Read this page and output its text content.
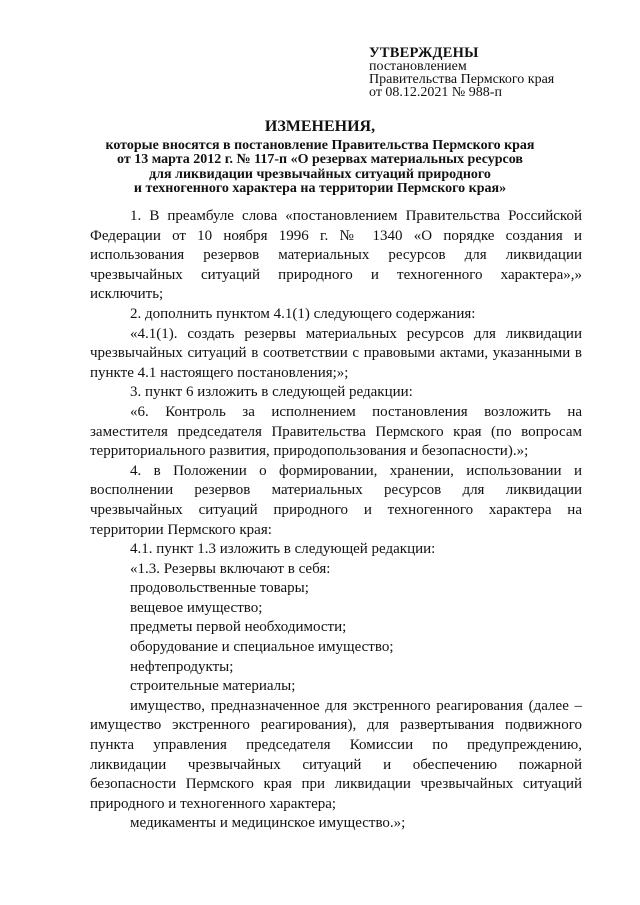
УТВЕРЖДЕНЫ
постановлением
Правительства Пермского края
от 08.12.2021 № 988-п
ИЗМЕНЕНИЯ,
которые вносятся в постановление Правительства Пермского края
от 13 марта 2012 г. № 117-п «О резервах материальных ресурсов
для ликвидации чрезвычайных ситуаций природного
и техногенного характера на территории Пермского края»

1. В преамбуле слова «постановлением Правительства Российской Федерации от 10 ноября 1996 г. № 1340 «О порядке создания и использования резервов материальных ресурсов для ликвидации чрезвычайных ситуаций природного и техногенного характера»,» исключить;

2. дополнить пунктом 4.1(1) следующего содержания:

«4.1(1). создать резервы материальных ресурсов для ликвидации чрезвычайных ситуаций в соответствии с правовыми актами, указанными в пункте 4.1 настоящего постановления;»;

3. пункт 6 изложить в следующей редакции:

«6. Контроль за исполнением постановления возложить на заместителя председателя Правительства Пермского края (по вопросам территориального развития, природопользования и безопасности).»;

4. в Положении о формировании, хранении, использовании и восполнении резервов материальных ресурсов для ликвидации чрезвычайных ситуаций природного и техногенного характера на территории Пермского края:

4.1. пункт 1.3 изложить в следующей редакции:

«1.3. Резервы включают в себя:

продовольственные товары;

вещевое имущество;

предметы первой необходимости;

оборудование и специальное имущество;

нефтепродукты;

строительные материалы;

имущество, предназначенное для экстренного реагирования (далее – имущество экстренного реагирования), для развертывания подвижного пункта управления председателя Комиссии по предупреждению, ликвидации чрезвычайных ситуаций и обеспечению пожарной безопасности Пермского края при ликвидации чрезвычайных ситуаций природного и техногенного характера;

медикаменты и медицинское имущество.»;
